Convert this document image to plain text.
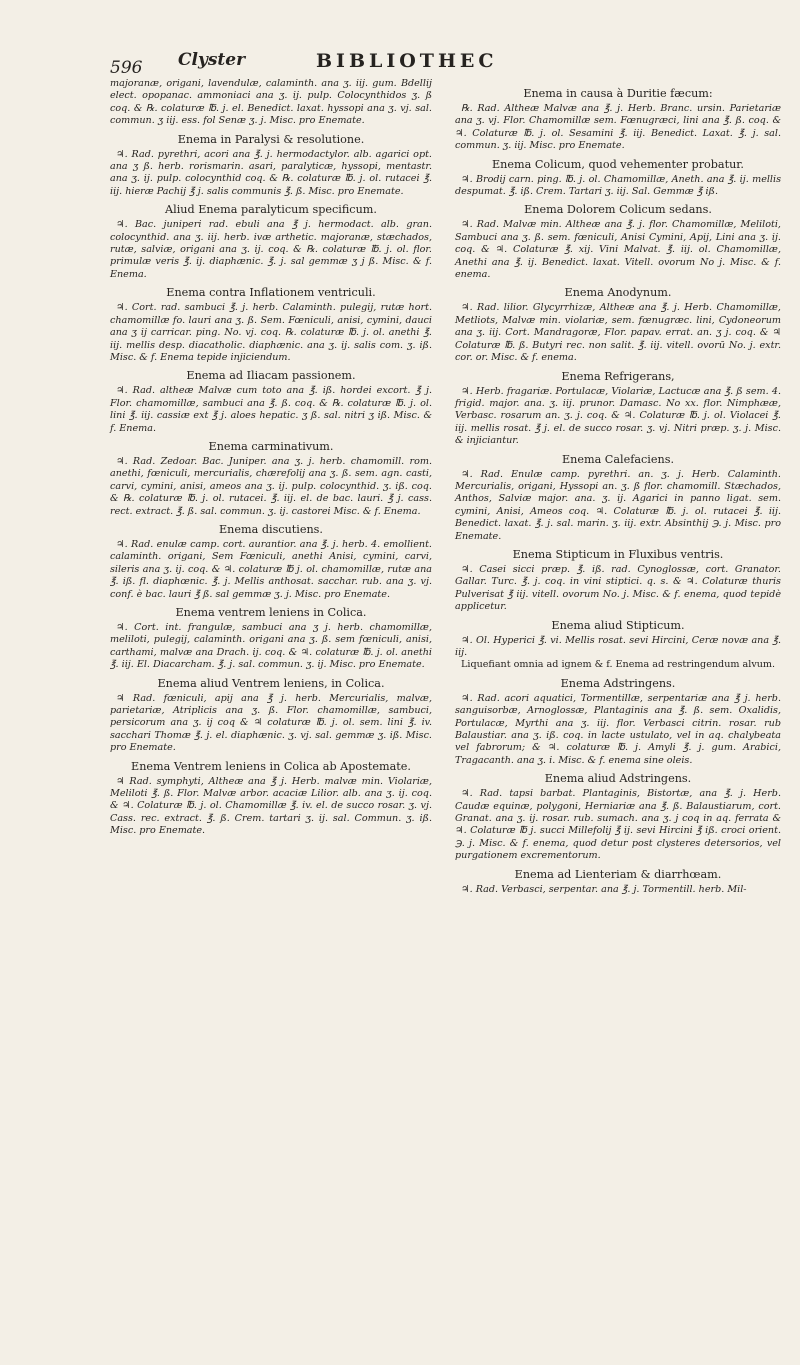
596 Clyster	BIBLIOTHEC

majoranæ, origani, lavendulæ, calaminth. ana ʒ. iij. gum. Bdellij elect. opopanac. ammoniaci ana ʒ. ij. pulp. Colocynthidos ʒ. ß coq. & ℞. colaturæ ℔. j. el. Benedict. laxat. hyssopi ana ʒ. vj. sal. commun. ʒ iij. ess. fol Senæ ʒ. j. Misc. pro Enemate.

Enema in Paralysi & resolutione.

♃. Rad. pyrethri, acori ana ℥. j. hermodactylor. alb. agarici opt. ana ʒ ß. herb. rorismarin. asari, paralyticæ, hyssopi, mentastr. ana ʒ. ij. pulp. colocynthid coq. & ℞. colaturæ ℔. j. ol. rutacei ℥. iij. hieræ Pachij ℥ j. salis communis ℥. ß. Misc. pro Enemate.

Aliud Enema paralyticum specificum.

♃. Bac. juniperi rad. ebuli ana ℥ j. hermodact. alb. gran. colocynthid. ana ʒ. iij. herb. ivæ arthetic. majoranæ, stæchados, rutæ, salviæ, origani ana ʒ. ij. coq. & ℞. colaturæ ℔. j. ol. flor. primulæ veris ℥. ij. diaphænic. ℥. j. sal gemmæ ʒ j ß. Misc. & f. Enema.

Enema contra Inflationem ventriculi.

♃. Cort. rad. sambuci ℥. j. herb. Calaminth. pulegij, rutæ hort. chamomillæ fo. lauri ana ʒ. ß. Sem. Fœniculi, anisi, cymini, dauci ana ʒ ij carricar. ping. No. vj. coq. ℞. colaturæ ℔. j. ol. anethi ℥. iij. mellis desp. diacatholic. diaphænic. ana ʒ. ij. salis com. ʒ. iß. Misc. & f. Enema tepide injiciendum.

Enema ad Iliacam passionem.

♃. Rad. altheæ Malvæ cum toto ana ℥. iß. hordei excort. ℥ j. Flor. chamomillæ, sambuci ana ℥. ß. coq. & ℞. colaturæ ℔. j. ol. lini ℥. iij. cassiæ ext ℥ j. aloes hepatic. ʒ ß. sal. nitri ʒ iß. Misc. & f. Enema.

Enema carminativum.

♃. Rad. Zedoar. Bac. Juniper. ana ʒ. j. herb. chamomill. rom. anethi, fœniculi, mercurialis, chærefolij ana ʒ. ß. sem. agn. casti, carvi, cymini, anisi, ameos ana ʒ. ij. pulp. colocynthid. ʒ. iß. coq. & ℞. colaturæ ℔. j. ol. rutacei. ℥. iij. el. de bac. lauri. ℥ j. cass. rect. extract. ℥. ß. sal. commun. ʒ. ij. castorei Misc. & f. Enema.

Enema discutiens.

♃. Rad. enulæ camp. cort. aurantior. ana ℥. j. herb. 4. emollient. calaminth. origani, Sem Fœniculi, anethi Anisi, cymini, carvi, sileris ana ʒ. ij. coq. & ♃. colaturæ ℔ j. ol. chamomillæ, rutæ ana ℥. iß. fl. diaphœnic. ℥. j. Mellis anthosat. sacchar. rub. ana ʒ. vj. conf. è bac. lauri ℥ ß. sal gemmæ ʒ. j. Misc. pro Enemate.

Enema ventrem leniens in Colica.

♃. Cort. int. frangulæ, sambuci ana ʒ j. herb. chamomillæ, meliloti, pulegij, calaminth. origani ana ʒ. ß. sem fœniculi, anisi, carthami, malvæ ana Drach. ij. coq. & ♃. colaturæ ℔. j. ol. anethi ℥. iij. El. Diacarcham. ℥. j. sal. commun. ʒ. ij. Misc. pro Enemate.

Enema aliud Ventrem leniens, in Colica.

♃ Rad. fœniculi, apij ana ℥ j. herb. Mercurialis, malvæ, parietariæ, Atriplicis ana ʒ. ß. Flor. chamomillæ, sambuci, persicorum ana ʒ. ij coq & ♃ colaturæ ℔. j. ol. sem. lini ℥. iv. sacchari Thomæ ℥. j. el. diaphænic. ʒ. vj. sal. gemmæ ʒ. iß. Misc. pro Enemate.

Enema Ventrem leniens in Colica ab Apostemate.

♃ Rad. symphyti, Altheæ ana ℥ j. Herb. malvæ min. Violariæ, Meliloti ℥. ß. Flor. Malvæ arbor. acaciæ Lilior. alb. ana ʒ. ij. coq. & ♃. Colaturæ ℔. j. ol. Chamomillæ ℥. iv. el. de succo rosar. ʒ. vj. Cass. rec. extract. ℥. ß. Crem. tartari ʒ. ij. sal. Commun. ʒ. iß. Misc. pro Enemate.

Enema in causa à Duritie fæcum:

℞. Rad. Altheæ Malvæ ana ℥. j. Herb. Branc. ursin. Parietariæ ana ʒ. vj. Flor. Chamomillæ sem. Fœnugræci, lini ana ℥. ß. coq. & ♃. Colaturæ ℔. j. ol. Sesamini ℥. iij. Benedict. Laxat. ℥. j. sal. commun. ʒ. iij. Misc. pro Enemate.

Enema Colicum, quod vehementer probatur.

♃. Brodij carn. ping. ℔. j. ol. Chamomillæ, Aneth. ana ℥. ij. mellis despumat. ℥. iß. Crem. Tartari ʒ. iij. Sal. Gemmæ ℥ iß.

Enema Dolorem Colicum sedans.

♃. Rad. Malvæ min. Altheæ ana ℥. j. flor. Chamomillæ, Meliloti, Sambuci ana ʒ. ß. sem. fœniculi, Anisi Cymini, Apij, Lini ana ʒ. ij. coq. & ♃. Colaturæ ℥. xij. Vini Malvat. ℥. iij. ol. Chamomillæ, Anethi ana ℥. ij. Benedict. laxat. Vitell. ovorum No j. Misc. & f. enema.

Enema Anodynum.

♃. Rad. lilior. Glycyrrhizæ, Altheæ ana ℥. j. Herb. Chamomillæ, Metliots, Malvæ min. violariæ, sem. fœnugræc. lini, Cydoneorum ana ʒ. iij. Cort. Mandragoræ, Flor. papav. errat. an. ʒ j. coq. & ♃ Colaturæ ℔. ß. Butyri rec. non salit. ℥. iij. vitell. ovorū No. j. extr. cor. or. Misc. & f. enema.

Enema Refrigerans,

♃. Herb. fragariæ. Portulacæ, Violariæ, Lactucæ ana ℥. ß sem. 4. frigid. major. ana. ʒ. iij. prunor. Damasc. No xx. flor. Nimphææ, Verbasc. rosarum an. ʒ. j. coq. & ♃. Colaturæ ℔. j. ol. Violacei ℥. iij. mellis rosat. ℥ j. el. de succo rosar. ʒ. vj. Nitri præp. ʒ. j. Misc. & injiciantur.

Enema Calefaciens.

♃. Rad. Enulæ camp. pyrethri. an. ʒ. j. Herb. Calaminth. Mercurialis, origani, Hyssopi an. ʒ. ß flor. chamomill. Stæchados, Anthos, Salviæ major. ana. ʒ. ij. Agarici in panno ligat. sem. cymini, Anisi, Ameos coq. ♃. Colaturæ ℔. j. ol. rutacei ℥. iij. Benedict. laxat. ℥. j. sal. marin. ʒ. iij. extr. Absinthij ℈. j. Misc. pro Enemate.

Enema Stipticum in Fluxibus ventris.

♃. Casei sicci præp. ℥. iß. rad. Cynoglossæ, cort. Granator. Gallar. Turc. ℥. j. coq. in vini stiptici. q. s. & ♃. Colaturæ thuris Pulverisat ℥ iij. vitell. ovorum No. j. Misc. & f. enema, quod tepidè applicetur.

Enema aliud Stipticum.

♃. Ol. Hyperici ℥. vi. Mellis rosat. sevi Hircini, Ceræ novæ ana ℥. iij.

Liquefiant omnia ad ignem & f. Enema ad restringendum alvum.

Enema Adstringens.

♃. Rad. acori aquatici, Tormentillæ, serpentariæ ana ℥ j. herb. sanguisorbæ, Arnoglossæ, Plantaginis ana ℥. ß. sem. Oxalidis, Portulacæ, Myrthi ana ʒ. iij. flor. Verbasci citrin. rosar. rub Balaustiar. ana ʒ. iß. coq. in lacte ustulato, vel in aq. chalybeata vel fabrorum; & ♃. colaturæ ℔. j. Amyli ℥. j. gum. Arabici, Tragacanth. ana ʒ. i. Misc. & f. enema sine oleis.

Enema aliud Adstringens.

♃. Rad. tapsi barbat. Plantaginis, Bistortæ, ana ℥. j. Herb. Caudæ equinæ, polygoni, Herniariæ ana ℥. ß. Balaustiarum, cort. Granat. ana ʒ. ij. rosar. rub. sumach. ana ʒ. j coq in aq. ferrata & ♃. Colaturæ ℔ j. succi Millefolij ℥ ij. sevi Hircini ℥ iß. croci orient. ℈. j. Misc. & f. enema, quod detur post clysteres detersorios, vel purgationem excrementorum.

Enema ad Lienteriam & diarrhœam.

♃. Rad. Verbasci, serpentar. ana ℥. j. Tormentill. herb. Mil-
